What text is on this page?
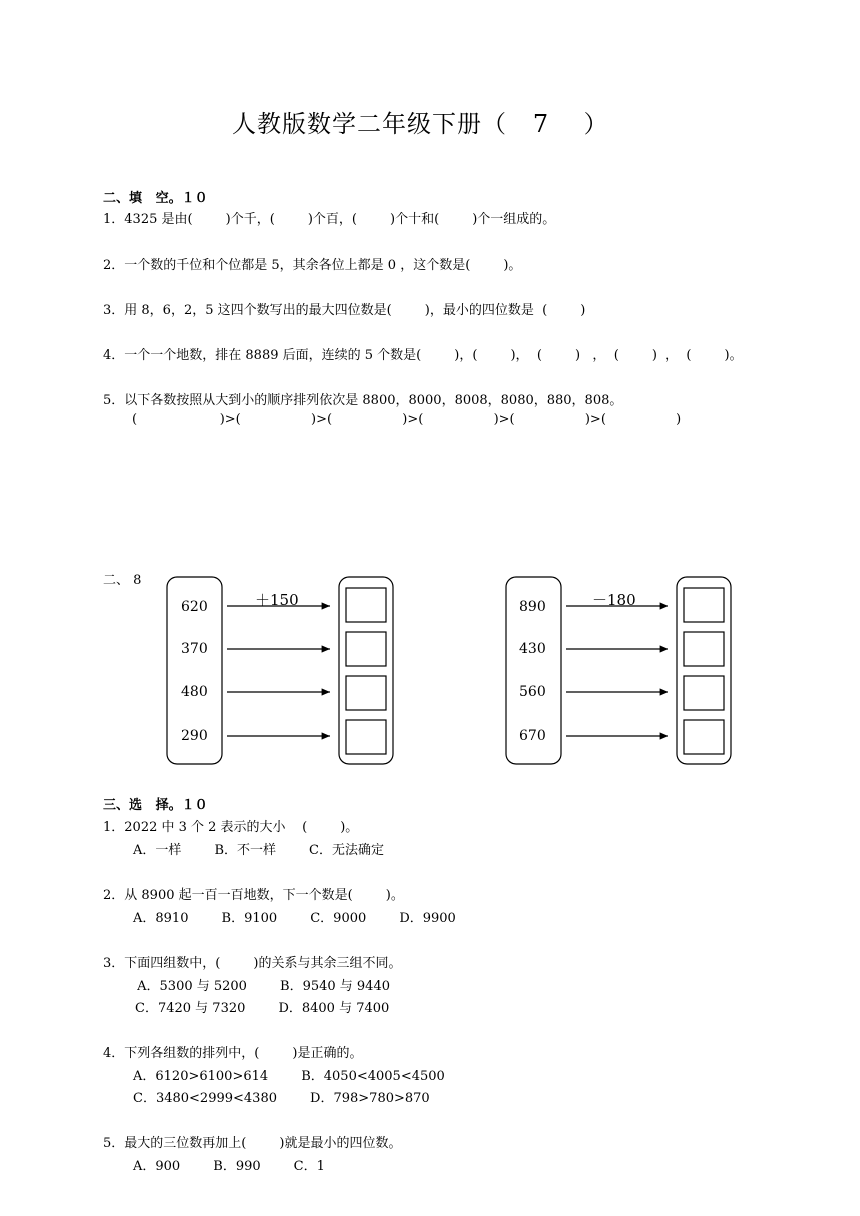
人教版数学二年级下册（   7    ）
二、填   空。１０
1．4325 是由(        )个千，(        )个百，(        )个十和(        )个一组成的。
2．一个数的千位和个位都是 5，其余各位上都是 0 ，这个数是(        )。
3．用 8，6，2，5 这四个数写出的最大四位数是(        )，最小的四位数是  (        )
4．一个一个地数，排在 8889 后面，连续的 5 个数是(        )，(        )，  (        )   ，  (        )  ，  (        )。
5．以下各数按照从大到小的顺序排列依次是 8800，8000，8008，8080，880，808。
(                    )>(                 )>(                 )>(                 )>(                 )>(                 )
二、 8
＋150
620
370
480
290
－180
890
430
560
670
三、选   择。１０
1．2022 中 3 个 2 表示的大小    (        )。
A．一样        B．不一样        C．无法确定
2．从 8900 起一百一百地数，下一个数是(        )。
A．8910        B．9100        C．9000        D．9900
3．下面四组数中，(        )的关系与其余三组不同。
A．5300 与 5200        B．9540 与 9440
C．7420 与 7320        D．8400 与 7400
4．下列各组数的排列中，(        )是正确的。
A．6120>6100>614        B．4050<4005<4500
C．3480<2999<4380        D．798>780>870
5．最大的三位数再加上(        )就是最小的四位数。
A．900        B．990        C．1
